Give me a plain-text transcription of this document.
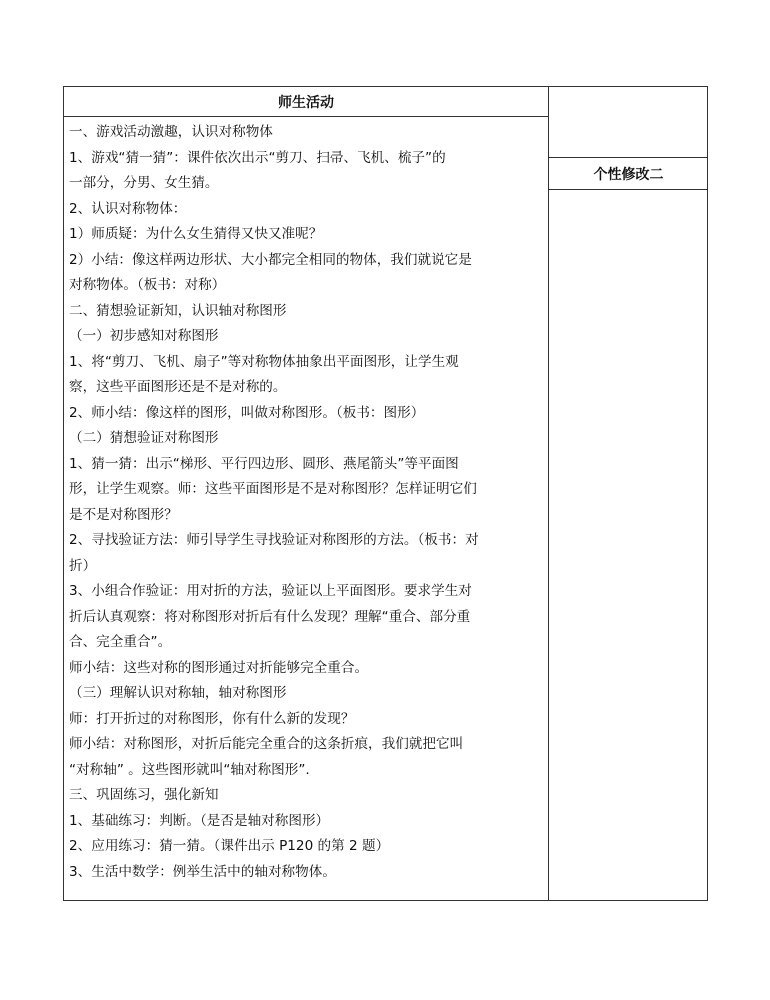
师生活动
个性修改二
一、游戏活动激趣，认识对称物体
1、游戏“猜一猜”：课件依次出示“剪刀、扫帚、飞机、梳子”的
一部分，分男、女生猜。
2、认识对称物体：
1）师质疑：为什么女生猜得又快又准呢？
2）小结：像这样两边形状、大小都完全相同的物体，我们就说它是
对称物体。（板书：对称）
二、猜想验证新知，认识轴对称图形
（一）初步感知对称图形
1、将“剪刀、飞机、扇子”等对称物体抽象出平面图形，让学生观
察，这些平面图形还是不是对称的。
2、师小结：像这样的图形，叫做对称图形。（板书：图形）
（二）猜想验证对称图形
1、猜一猜：出示“梯形、平行四边形、圆形、燕尾箭头”等平面图
形，让学生观察。师：这些平面图形是不是对称图形？怎样证明它们
是不是对称图形？
2、寻找验证方法：师引导学生寻找验证对称图形的方法。（板书：对
折）
3、小组合作验证：用对折的方法，验证以上平面图形。要求学生对
折后认真观察：将对称图形对折后有什么发现？理解“重合、部分重
合、完全重合”。
师小结：这些对称的图形通过对折能够完全重合。
（三）理解认识对称轴，轴对称图形
师：打开折过的对称图形，你有什么新的发现？
师小结：对称图形，对折后能完全重合的这条折痕，我们就把它叫
“对称轴” 。这些图形就叫“轴对称图形”.
三、巩固练习，强化新知
1、基础练习：判断。（是否是轴对称图形）
2、应用练习：猜一猜。（课件出示 P120 的第 2 题）
3、生活中数学：例举生活中的轴对称物体。
